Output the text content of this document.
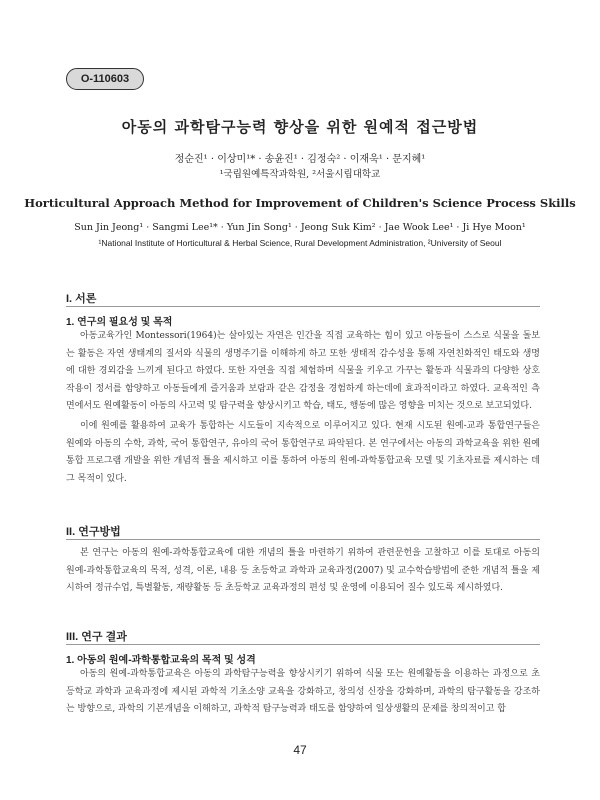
O-110603
아동의 과학탐구능력 향상을 위한 원예적 접근방법
정순진¹ · 이상미¹* · 송윤진¹ · 김정숙² · 이재욱¹ · 문지혜¹
¹국립원예특작과학원, ²서울시립대학교
Horticultural Approach Method for Improvement of Children's Science Process Skills
Sun Jin Jeong¹ · Sangmi Lee¹* · Yun Jin Song¹ · Jeong Suk Kim² · Jae Wook Lee¹ · Ji Hye Moon¹
¹National Institute of Horticultural & Herbal Science, Rural Development Administration, ²University of Seoul
I. 서론
1. 연구의 필요성 및 목적
아동교육가인 Montessori(1964)는 살아있는 자연은 인간을 직접 교육하는 힘이 있고 아동들이 스스로 식물을 돌보는 활동은 자연 생태계의 질서와 식물의 생명주기를 이해하게 하고 또한 생태적 감수성을 통해 자연친화적인 태도와 생명에 대한 경외감을 느끼게 된다고 하였다. 또한 자연을 직접 체험하며 식물을 키우고 가꾸는 활동과 식물과의 다양한 상호작용이 정서를 함양하고 아동들에게 즐거움과 보람과 같은 감정을 경험하게 하는데에 효과적이라고 하였다. 교육적인 측면에서도 원예활동이 아동의 사고력 및 탐구력을 향상시키고 학습, 태도, 행동에 많은 영향을 미치는 것으로 보고되었다.
이에 원예를 활용하여 교육가 통합하는 시도들이 지속적으로 이루어지고 있다. 현재 시도된 원예-교과 통합연구들은 원예와 아동의 수학, 과학, 국어 통합연구, 유아의 국어 통합연구로 파악된다. 본 연구에서는 아동의 과학교육을 위한 원예통합 프로그램 개발을 위한 개념적 틀을 제시하고 이를 통하여 아동의 원예-과학통합교육 모델 및 기초자료를 제시하는 데 그 목적이 있다.
II. 연구방법
본 연구는 아동의 원예-과학통합교육에 대한 개념의 틀을 마련하기 위하여 관련문헌을 고찰하고 이를 토대로 아동의 원예-과학통합교육의 목적, 성격, 이론, 내용 등 초등학교 과학과 교육과정(2007) 및 교수학습방법에 준한 개념적 틀을 제시하여 정규수업, 특별활동, 재량활동 등 초등학교 교육과정의 편성 및 운영에 이용되어 질수 있도록 제시하였다.
III. 연구 결과
1. 아동의 원예-과학통합교육의 목적 및 성격
아동의 원예-과학통합교육은 아동의 과학탐구능력을 향상시키기 위하여 식물 또는 원예활동을 이용하는 과정으로 초등학교 과학과 교육과정에 제시된 과학적 기초소양 교육을 강화하고, 창의성 신장을 강화하며, 과학의 탐구활동을 강조하는 방향으로, 과학의 기본개념을 이해하고, 과학적 탐구능력과 태도를 함양하여 일상생활의 문제를 창의적이고 합
47
